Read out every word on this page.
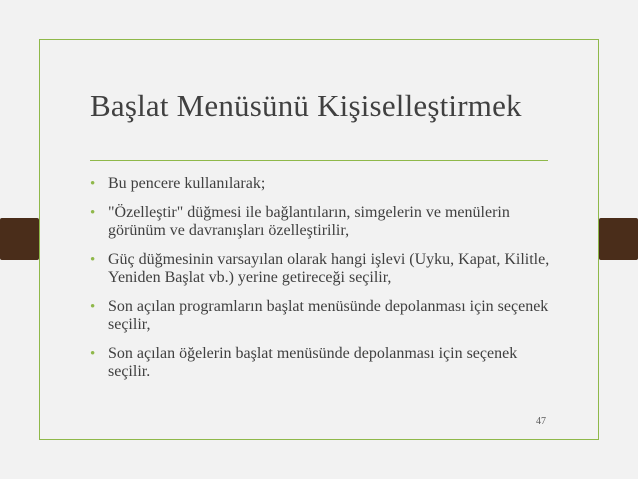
Başlat Menüsünü Kişiselleştirmek
• Bu pencere kullanılarak;
• "Özelleştir" düğmesi ile bağlantıların, simgelerin ve menülerin görünüm ve davranışları özelleştirilir,
• Güç düğmesinin varsayılan olarak hangi işlevi (Uyku, Kapat, Kilitle, Yeniden Başlat vb.) yerine getireceği seçilir,
• Son açılan programların başlat menüsünde depolanması için seçenek seçilir,
• Son açılan öğelerin başlat menüsünde depolanması için seçenek seçilir.
47
